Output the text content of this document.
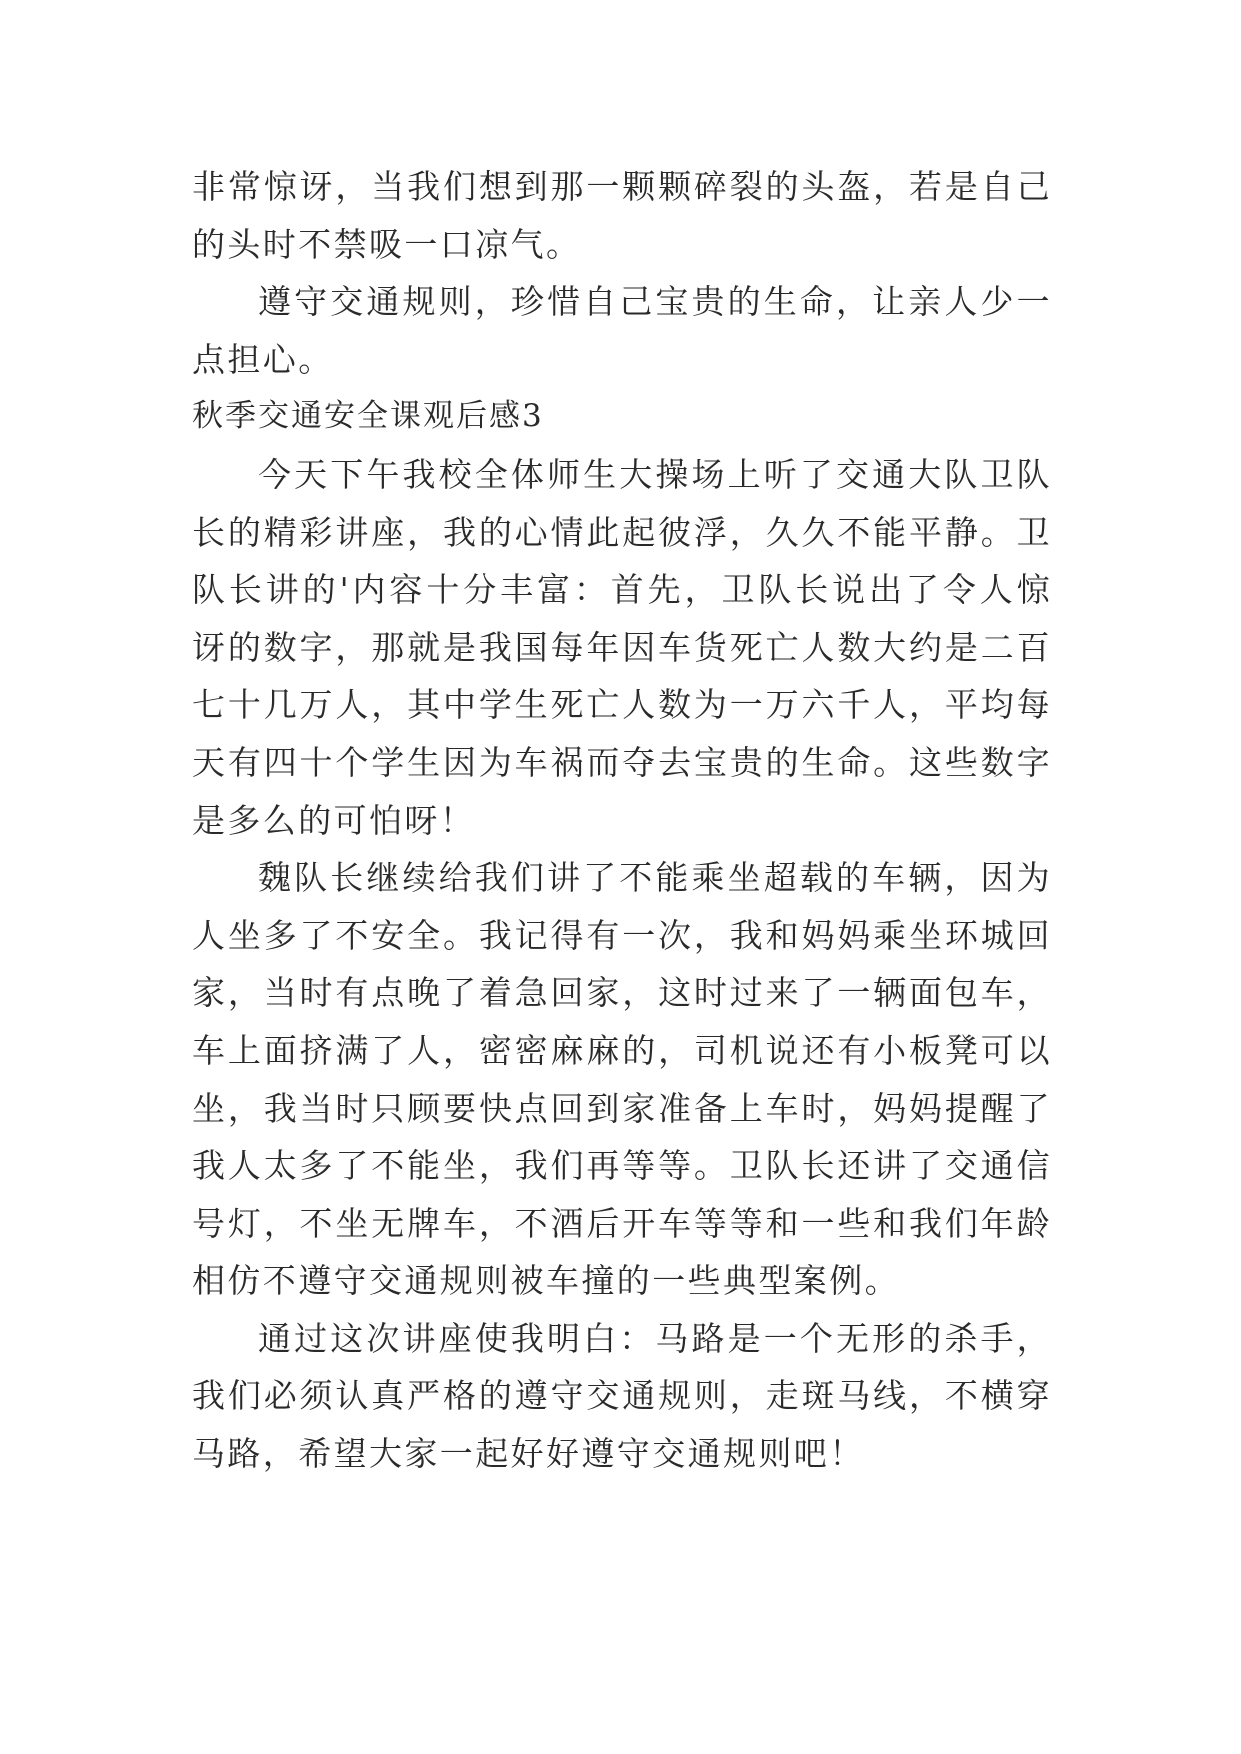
非常惊讶，当我们想到那一颗颗碎裂的头盔，若是自己的头时不禁吸一口凉气。

遵守交通规则，珍惜自己宝贵的生命，让亲人少一点担心。

秋季交通安全课观后感3

今天下午我校全体师生大操场上听了交通大队卫队长的精彩讲座，我的心情此起彼浮，久久不能平静。卫队长讲的'内容十分丰富：首先，卫队长说出了令人惊讶的数字，那就是我国每年因车货死亡人数大约是二百七十几万人，其中学生死亡人数为一万六千人，平均每天有四十个学生因为车祸而夺去宝贵的生命。这些数字是多么的可怕呀！

魏队长继续给我们讲了不能乘坐超载的车辆，因为人坐多了不安全。我记得有一次，我和妈妈乘坐环城回家，当时有点晚了着急回家，这时过来了一辆面包车，车上面挤满了人，密密麻麻的，司机说还有小板凳可以坐，我当时只顾要快点回到家准备上车时，妈妈提醒了我人太多了不能坐，我们再等等。卫队长还讲了交通信号灯，不坐无牌车，不酒后开车等等和一些和我们年龄相仿不遵守交通规则被车撞的一些典型案例。

通过这次讲座使我明白：马路是一个无形的杀手，我们必须认真严格的遵守交通规则，走斑马线，不横穿马路，希望大家一起好好遵守交通规则吧！
